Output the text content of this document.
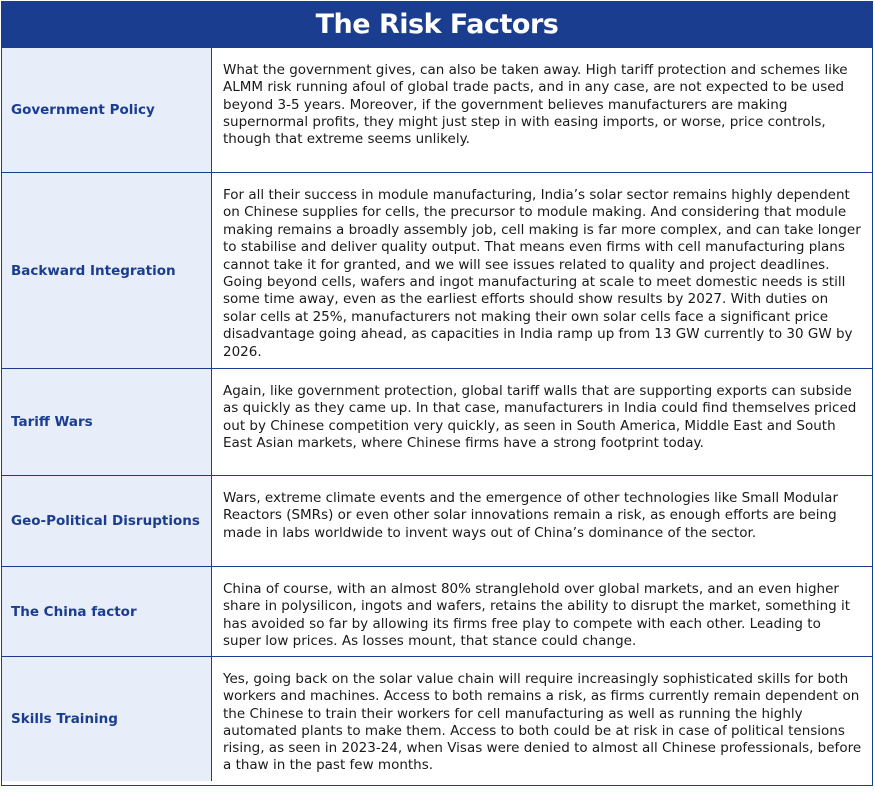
The Risk Factors
Government Policy
What the government gives, can also be taken away. High tariff protection and schemes like ALMM risk running afoul of global trade pacts, and in any case, are not expected to be used beyond 3-5 years. Moreover, if the government believes manufacturers are making supernormal profits, they might just step in with easing imports, or worse, price controls, though that extreme seems unlikely.
Backward Integration
For all their success in module manufacturing, India’s solar sector remains highly dependent on Chinese supplies for cells, the precursor to module making. And considering that module making remains a broadly assembly job, cell making is far more complex, and can take longer to stabilise and deliver quality output. That means even firms with cell manufacturing plans cannot take it for granted, and we will see issues related to quality and project deadlines. Going beyond cells, wafers and ingot manufacturing at scale to meet domestic needs is still some time away, even as the earliest efforts should show results by 2027. With duties on solar cells at 25%, manufacturers not making their own solar cells face a significant price disadvantage going ahead, as capacities in India ramp up from 13 GW currently to 30 GW by 2026.
Tariff Wars
Again, like government protection, global tariff walls that are supporting exports can subside as quickly as they came up. In that case, manufacturers in India could find themselves priced out by Chinese competition very quickly, as seen in South America, Middle East and South East Asian markets, where Chinese firms have a strong footprint today.
Geo-Political Disruptions
Wars, extreme climate events and the emergence of other technologies like Small Modular Reactors (SMRs) or even other solar innovations remain a risk, as enough efforts are being made in labs worldwide to invent ways out of China’s dominance of the sector.
The China factor
China of course, with an almost 80% stranglehold over global markets, and an even higher share in polysilicon, ingots and wafers, retains the ability to disrupt the market, something it has avoided so far by allowing its firms free play to compete with each other. Leading to super low prices. As losses mount, that stance could change.
Skills Training
Yes, going back on the solar value chain will require increasingly sophisticated skills for both workers and machines. Access to both remains a risk, as firms currently remain dependent on the Chinese to train their workers for cell manufacturing as well as running the highly automated plants to make them. Access to both could be at risk in case of political tensions rising, as seen in 2023-24, when Visas were denied to almost all Chinese professionals, before a thaw in the past few months.
